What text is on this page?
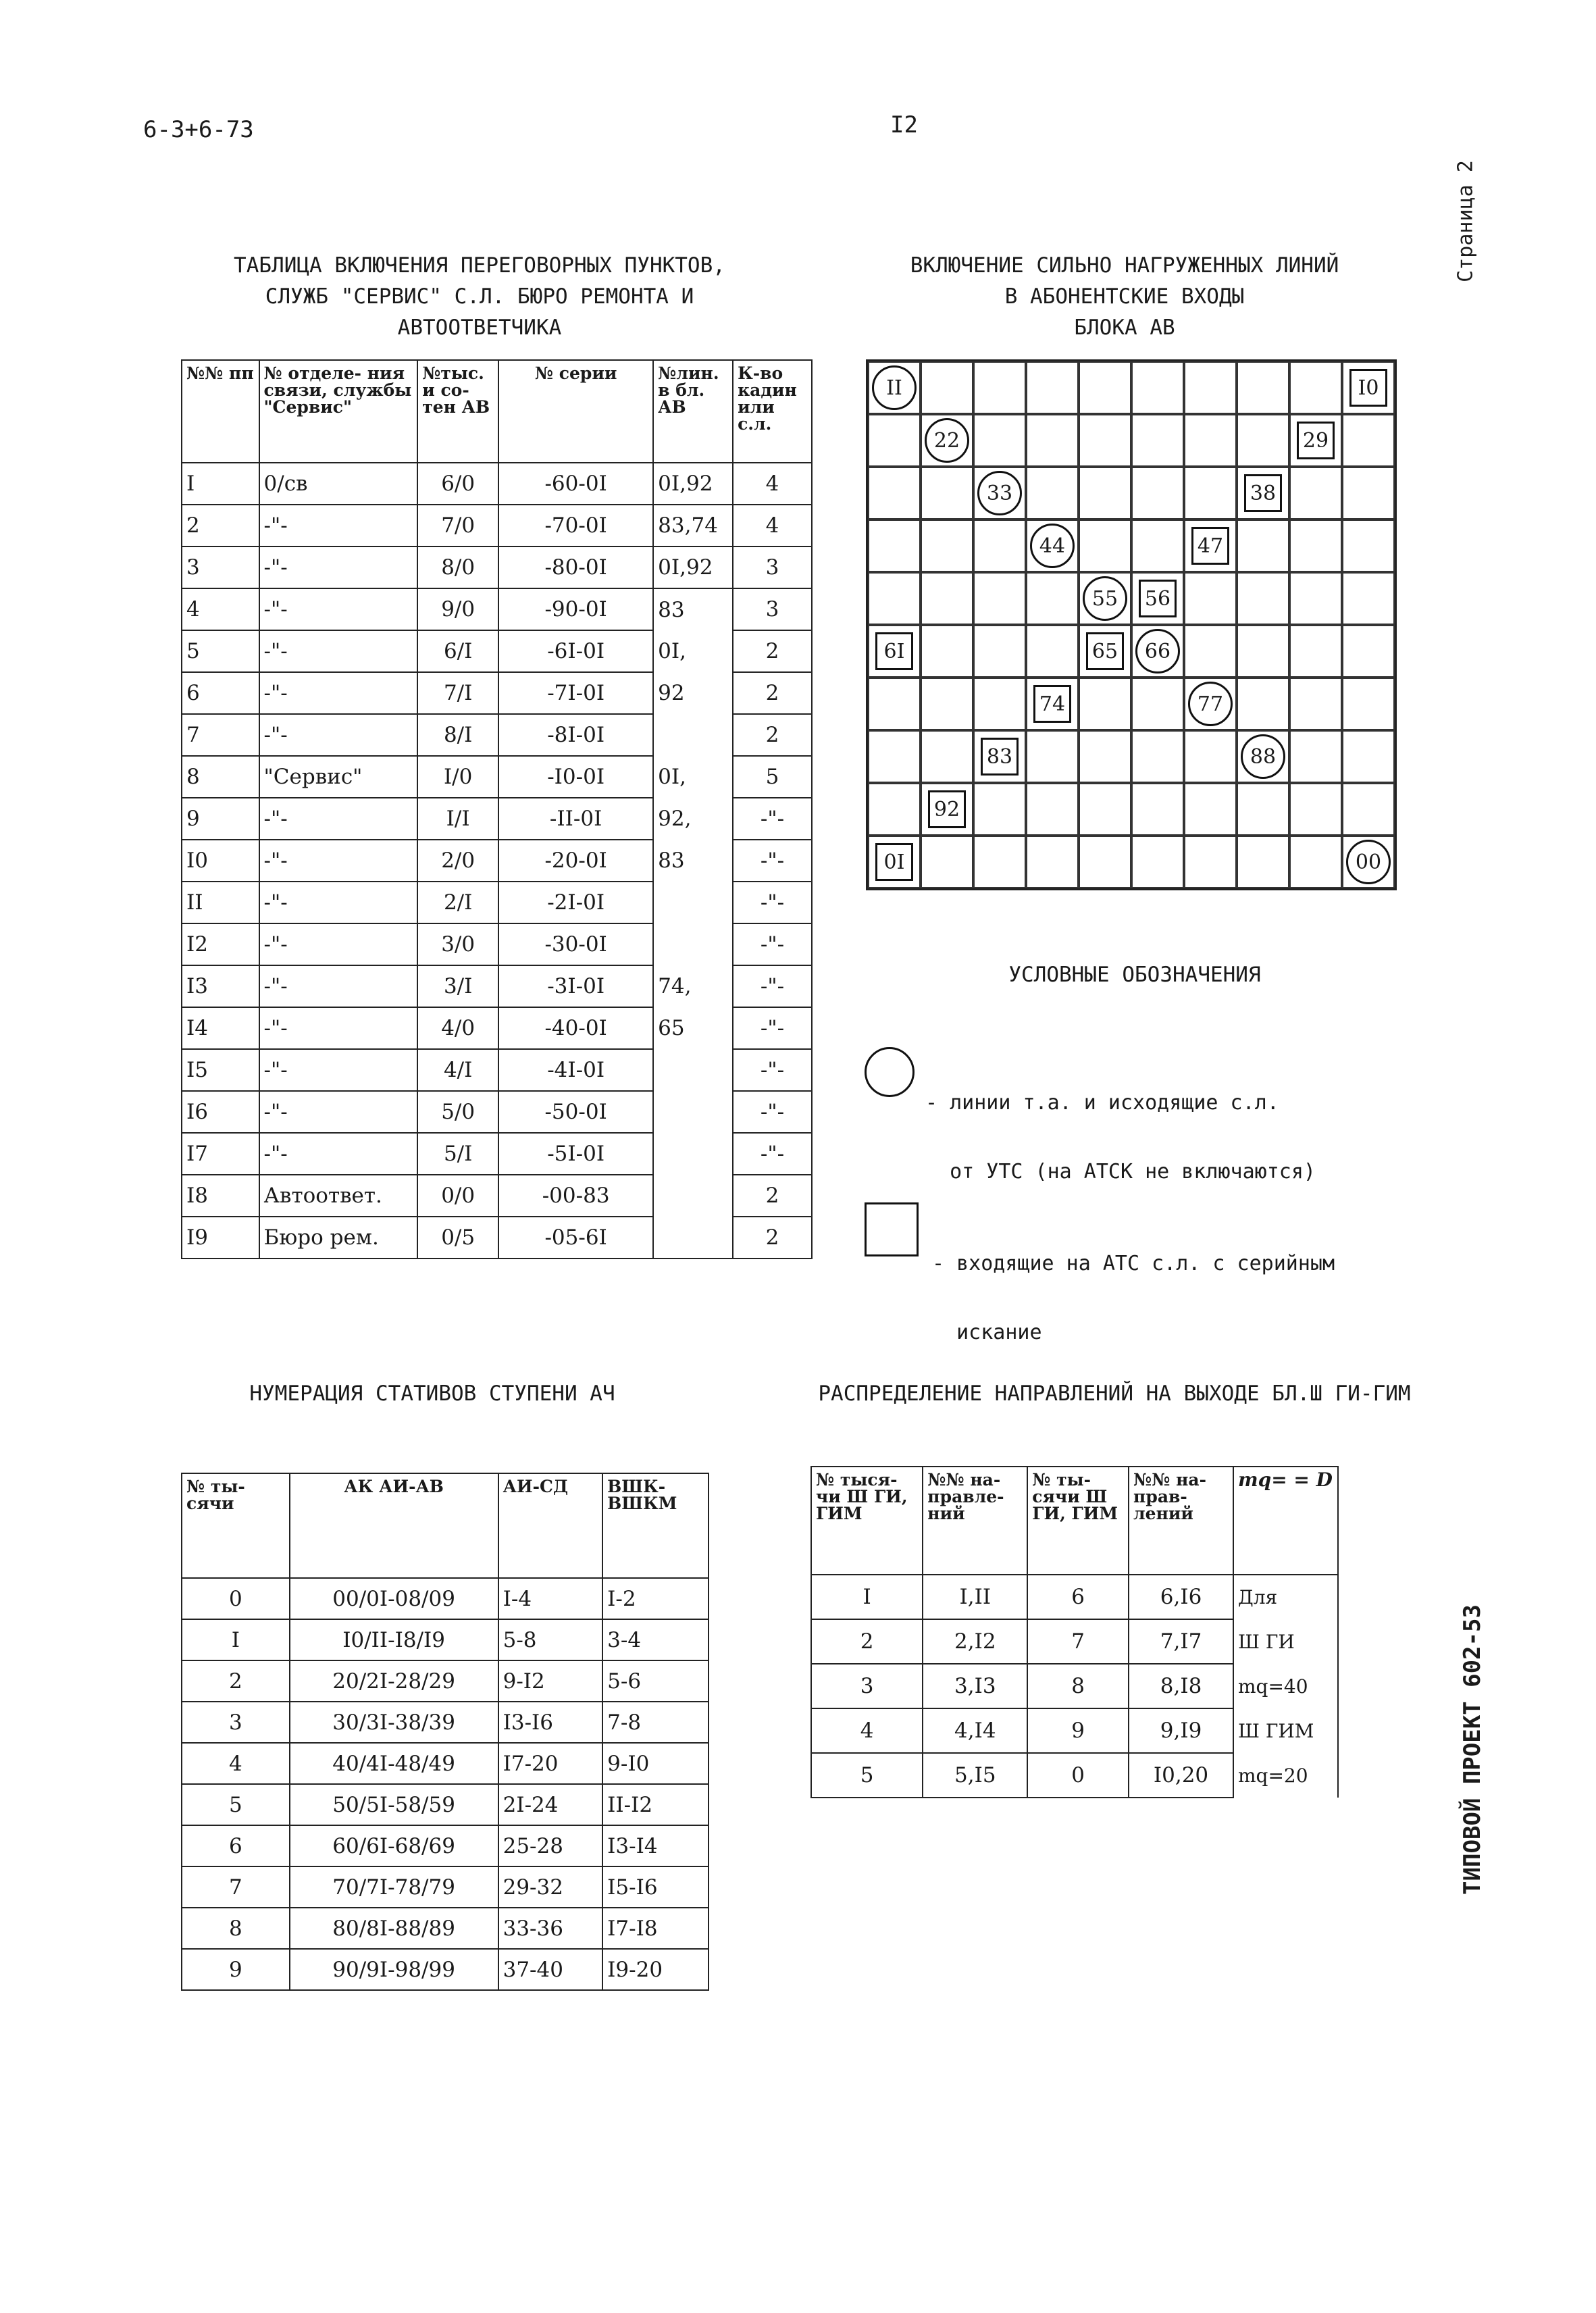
6-3+6-73	I2
Страница 2
ТИПОВОЙ ПРОЕКТ 602-53
ТАБЛИЦА ВКЛЮЧЕНИЯ ПЕРЕГОВОРНЫХ ПУНКТОВ,
СЛУЖБ "СЕРВИС" С.Л. БЮРО РЕМОНТА И
АВТООТВЕТЧИКА
№№ пп	№ отделе- ния связи, службы "Сервис"	№тыс. и со- тен АВ	№ серии	№лин. в бл. АВ	К-во кадин или с.л.
I	0/св	6/0	-60-0I	0I,92	4
2	-"-	7/0	-70-0I	83,74	4
3	-"-	8/0	-80-0I	0I,92	3
4	-"-	9/0	-90-0I	83	3
5	-"-	6/I	-6I-0I	0I,	2
6	-"-	7/I	-7I-0I	92	2
7	-"-	8/I	-8I-0I		2
8	"Сервис"	I/0	-I0-0I	0I,	5
9	-"-	I/I	-II-0I	92,	-"-
I0	-"-	2/0	-20-0I	83	-"-
II	-"-	2/I	-2I-0I		-"-
I2	-"-	3/0	-30-0I		-"-
I3	-"-	3/I	-3I-0I	74,	-"-
I4	-"-	4/0	-40-0I	65	-"-
I5	-"-	4/I	-4I-0I		-"-
I6	-"-	5/0	-50-0I		-"-
I7	-"-	5/I	-5I-0I		-"-
I8	Автоответ.	0/0	-00-83		2
I9	Бюро рем.	0/5	-05-6I		2
ВКЛЮЧЕНИЕ СИЛЬНО НАГРУЖЕННЫХ ЛИНИЙ
В АБОНЕНТСКИЕ ВХОДЫ
БЛОКА АВ
II
22
33
44
55
66
77
88
00
I0
29
38
47
56
6I	65
74
83
92
0I
УСЛОВНЫЕ ОБОЗНАЧЕНИЯ

- линии т.а. и исходящие с.л.

от УТС (на АТСК не включаются)

- входящие на АТС с.л. с серийным

искание

НУМЕРАЦИЯ СТАТИВОВ СТУПЕНИ АЧ
№ ты- сячи	АК АИ-АВ	АИ-СД	ВШК- ВШКМ
0	00/0I-08/09	I-4	I-2
I	I0/II-I8/I9	5-8	3-4
2	20/2I-28/29	9-I2	5-6
3	30/3I-38/39	I3-I6	7-8
4	40/4I-48/49	I7-20	9-I0
5	50/5I-58/59	2I-24	II-I2
6	60/6I-68/69	25-28	I3-I4
7	70/7I-78/79	29-32	I5-I6
8	80/8I-88/89	33-36	I7-I8
9	90/9I-98/99	37-40	I9-20
РАСПРЕДЕЛЕНИЕ НАПРАВЛЕНИЙ НА ВЫХОДЕ БЛ.Ш ГИ-ГИМ
№ тыся- чи Ш ГИ, ГИМ	№№ на- правле- ний	№ ты- сячи Ш ГИ, ГИМ	№№ на- прав- лений	mq= = D
I	I,II	6	6,I6	Для
2	2,I2	7	7,I7	Ш ГИ
3	3,I3	8	8,I8	mq=40
4	4,I4	9	9,I9	Ш ГИМ
5	5,I5	0	I0,20	mq=20
